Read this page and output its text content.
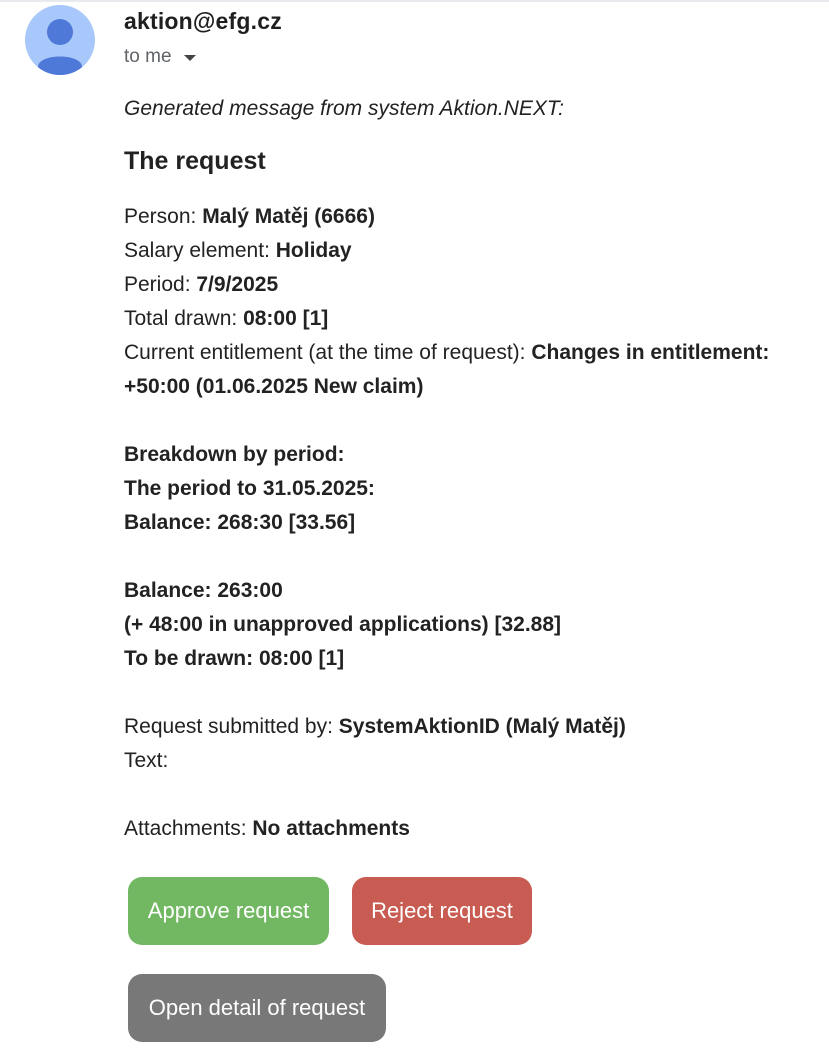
aktion@efg.cz
to me

Generated message from system Aktion.NEXT:

The request
Person: Malý Matěj (6666)
Salary element: Holiday
Period: 7/9/2025
Total drawn: 08:00 [1]
Current entitlement (at the time of request): Changes in entitlement:
+50:00 (01.06.2025 New claim)
Breakdown by period:
The period to 31.05.2025:
Balance: 268:30 [33.56]
Balance: 263:00
(+ 48:00 in unapproved applications) [32.88]
To be drawn: 08:00 [1]
Request submitted by: SystemAktionID (Malý Matěj)
Text:
Attachments: No attachments
Approve request	Reject request
Open detail of request
